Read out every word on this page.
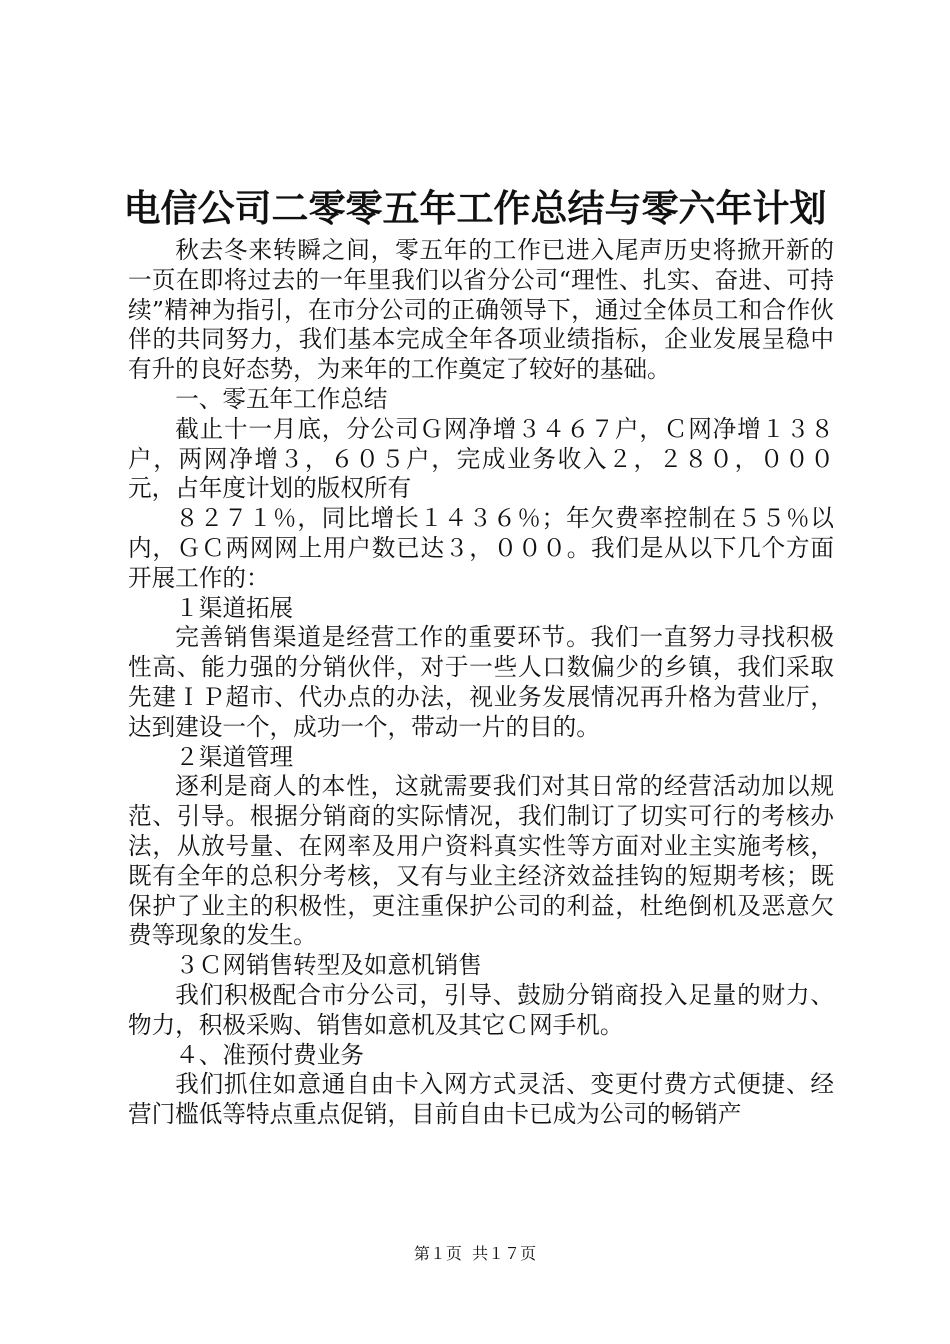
电信公司二零零五年工作总结与零六年计划

秋去冬来转瞬之间，零五年的工作已进入尾声历史将掀开新的一页在即将过去的一年里我们以省分公司“理性、扎实、奋进、可持续”精神为指引，在市分公司的正确领导下，通过全体员工和合作伙伴的共同努力，我们基本完成全年各项业绩指标，企业发展呈稳中有升的良好态势，为来年的工作奠定了较好的基础。

一、零五年工作总结

截止十一月底，分公司Ｇ网净增３４６７户，Ｃ网净增１３８户，两网净增３，６０５户，完成业务收入２，２８０，０００元，占年度计划的版权所有

８２７１％，同比增长１４３６％；年欠费率控制在５５％以内，ＧＣ两网网上用户数已达３，０００。我们是从以下几个方面开展工作的：

１渠道拓展

完善销售渠道是经营工作的重要环节。我们一直努力寻找积极性高、能力强的分销伙伴，对于一些人口数偏少的乡镇，我们采取先建ＩＰ超市、代办点的办法，视业务发展情况再升格为营业厅，达到建设一个，成功一个，带动一片的目的。

２渠道管理

逐利是商人的本性，这就需要我们对其日常的经营活动加以规范、引导。根据分销商的实际情况，我们制订了切实可行的考核办法，从放号量、在网率及用户资料真实性等方面对业主实施考核，既有全年的总积分考核，又有与业主经济效益挂钩的短期考核；既保护了业主的积极性，更注重保护公司的利益，杜绝倒机及恶意欠费等现象的发生。

３Ｃ网销售转型及如意机销售

我们积极配合市分公司，引导、鼓励分销商投入足量的财力、物力，积极采购、销售如意机及其它Ｃ网手机。

４、准预付费业务

我们抓住如意通自由卡入网方式灵活、变更付费方式便捷、经营门槛低等特点重点促销，目前自由卡已成为公司的畅销产

第１页  共１７页
